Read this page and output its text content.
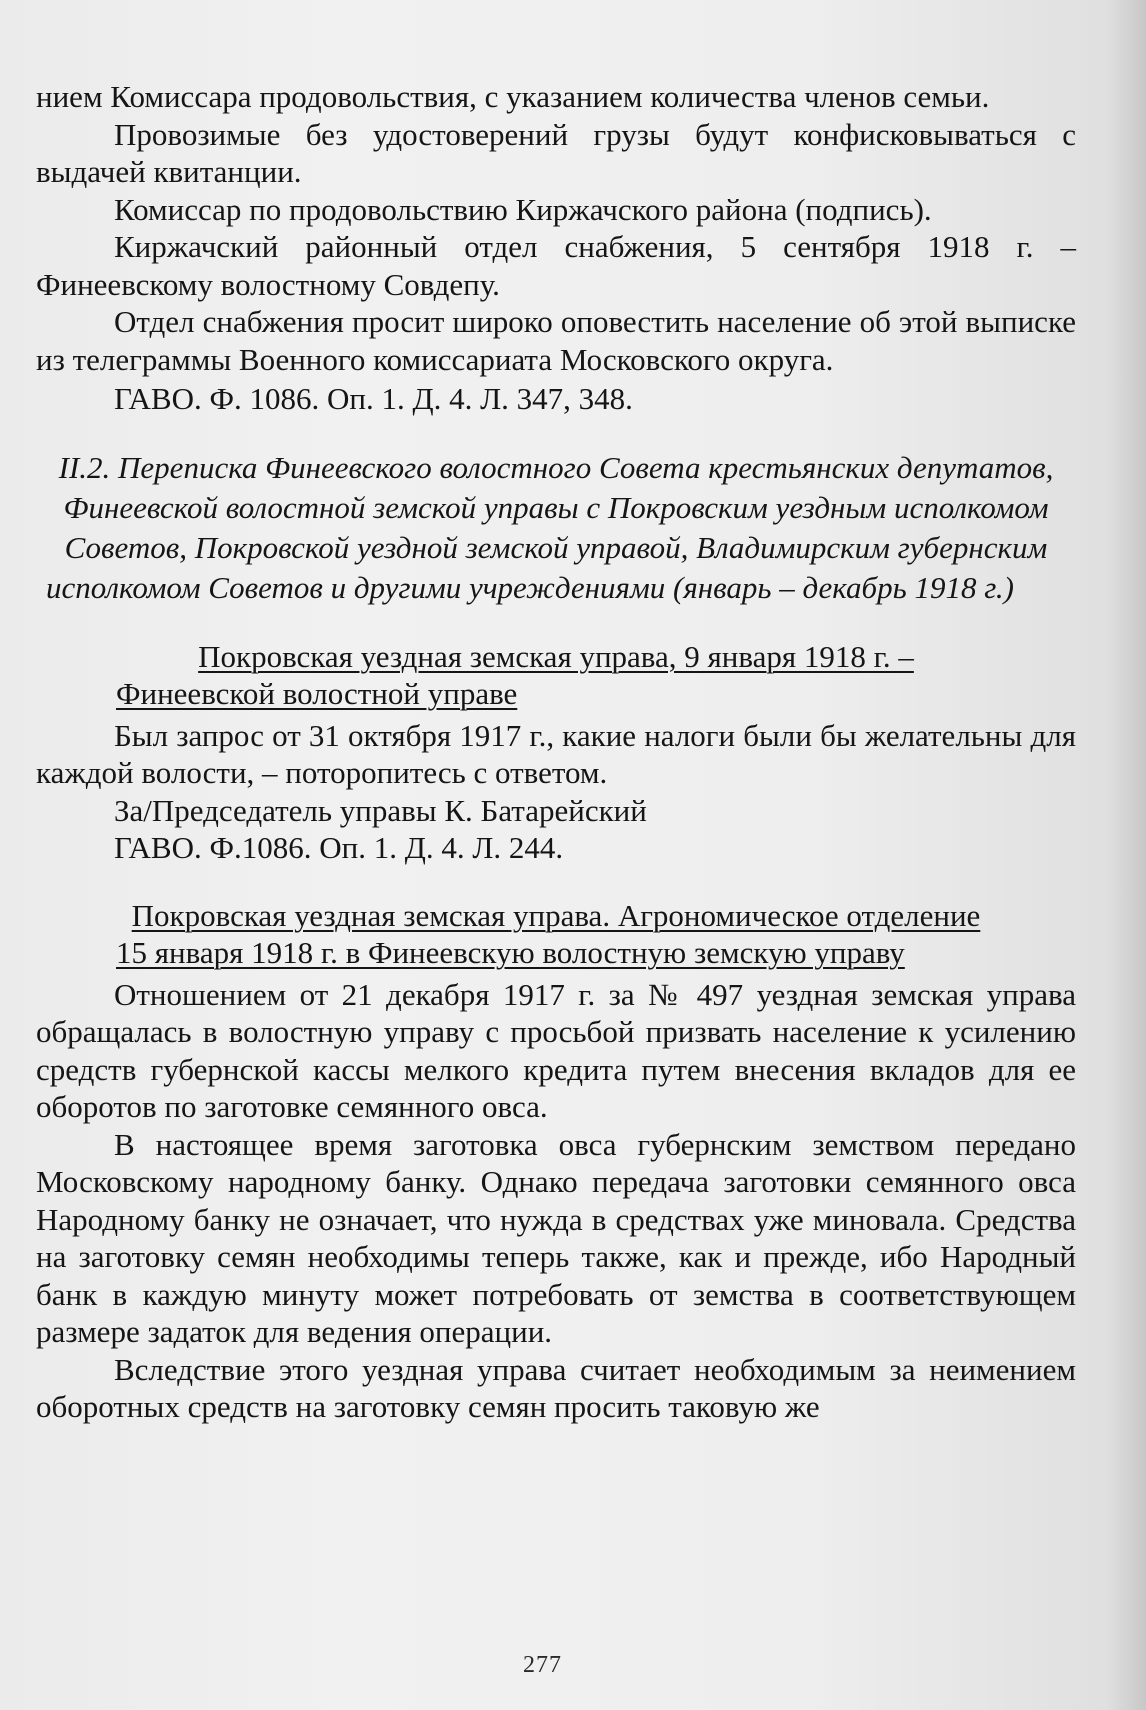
нием Комиссара продовольствия, с указанием количества членов семьи.

Провозимые без удостоверений грузы будут конфисковываться с выдачей квитанции.

Комиссар по продовольствию Киржачского района (подпись).

Киржачский районный отдел снабжения, 5 сентября 1918 г. – Финеевскому волостному Совдепу.

Отдел снабжения просит широко оповестить население об этой выписке из телеграммы Военного комиссариата Московского округа.

ГАВО. Ф. 1086. Оп. 1. Д. 4. Л. 347, 348.

II.2. Переписка Финеевского волостного Совета крестьянских депутатов, Финеевской волостной земской управы с Покровским уездным исполкомом Советов, Покровской уездной земской управой, Владимирским губернским исполкомом Советов и другими учреждениями (январь – декабрь 1918 г.)

Покровская уездная земская управа, 9 января 1918 г. – Финеевской волостной управе

Был запрос от 31 октября 1917 г., какие налоги были бы желательны для каждой волости, – поторопитесь с ответом.

За/Председатель управы К. Батарейский

ГАВО. Ф.1086. Оп. 1. Д. 4. Л. 244.

Покровская уездная земская управа. Агрономическое отделение 15 января 1918 г. в Финеевскую волостную земскую управу

Отношением от 21 декабря 1917 г. за № 497 уездная земская управа обращалась в волостную управу с просьбой призвать население к усилению средств губернской кассы мелкого кредита путем внесения вкладов для ее оборотов по заготовке семянного овса.

В настоящее время заготовка овса губернским земством передано Московскому народному банку. Однако передача заготовки семянного овса Народному банку не означает, что нужда в средствах уже миновала. Средства на заготовку семян необходимы теперь также, как и прежде, ибо Народный банк в каждую минуту может потребовать от земства в соответствующем размере задаток для ведения операции.

Вследствие этого уездная управа считает необходимым за неимением оборотных средств на заготовку семян просить таковую же

277
